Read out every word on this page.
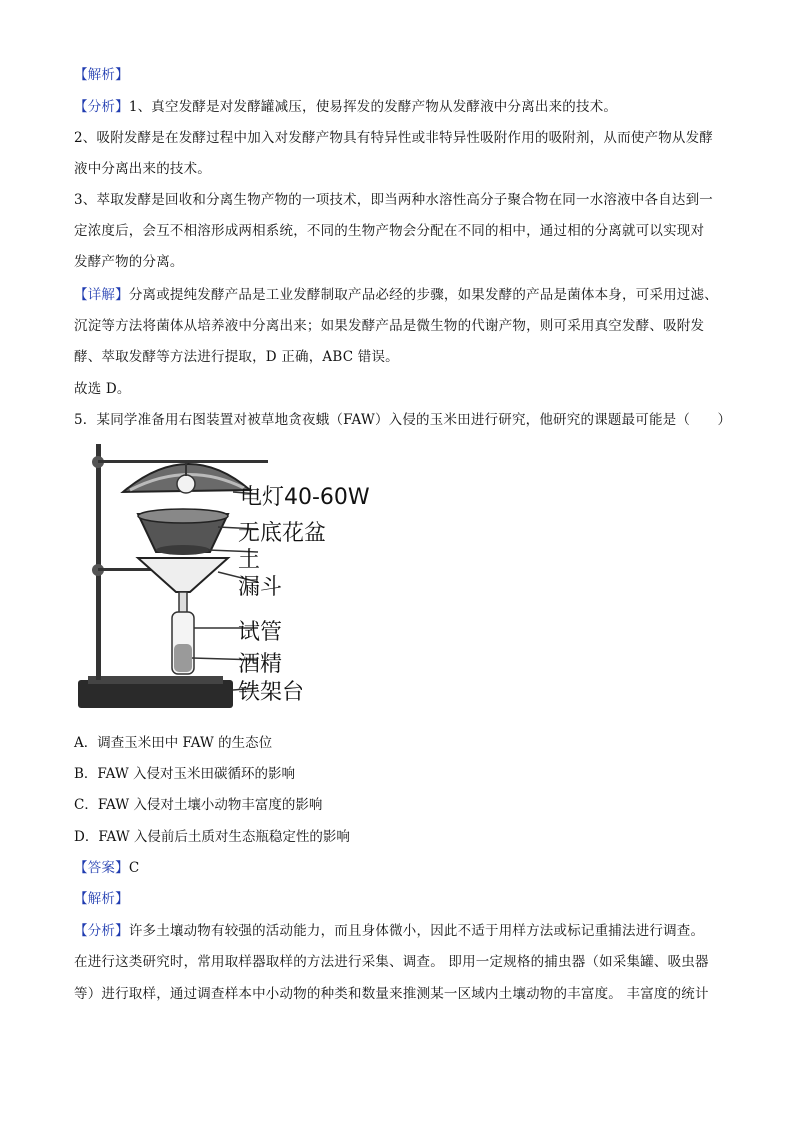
【解析】
【分析】1、真空发酵是对发酵罐减压，使易挥发的发酵产物从发酵液中分离出来的技术。
2、吸附发酵是在发酵过程中加入对发酵产物具有特异性或非特异性吸附作用的吸附剂，从而使产物从发酵
液中分离出来的技术。
3、萃取发酵是回收和分离生物产物的一项技术，即当两种水溶性高分子聚合物在同一水溶液中各自达到一
定浓度后，会互不相溶形成两相系统，不同的生物产物会分配在不同的相中，通过相的分离就可以实现对
发酵产物的分离。
【详解】分离或提纯发酵产品是工业发酵制取产品必经的步骤，如果发酵的产品是菌体本身，可采用过滤、
沉淀等方法将菌体从培养液中分离出来；如果发酵产品是微生物的代谢产物，则可采用真空发酵、吸附发
酵、萃取发酵等方法进行提取，D 正确，ABC 错误。
故选 D。
5．某同学准备用右图装置对被草地贪夜蛾（FAW）入侵的玉米田进行研究，他研究的课题最可能是（　　）
电灯40-60W
无底花盆
土
漏斗
试管
酒精
铁架台
A．调查玉米田中 FAW 的生态位
B．FAW 入侵对玉米田碳循环的影响
C．FAW 入侵对土壤小动物丰富度的影响
D．FAW 入侵前后土质对生态瓶稳定性的影响
【答案】C
【解析】
【分析】许多土壤动物有较强的活动能力，而且身体微小，因此不适于用样方法或标记重捕法进行调查。
在进行这类研究时，常用取样器取样的方法进行采集、调查。 即用一定规格的捕虫器（如采集罐、吸虫器
等）进行取样，通过调查样本中小动物的种类和数量来推测某一区域内土壤动物的丰富度。 丰富度的统计
